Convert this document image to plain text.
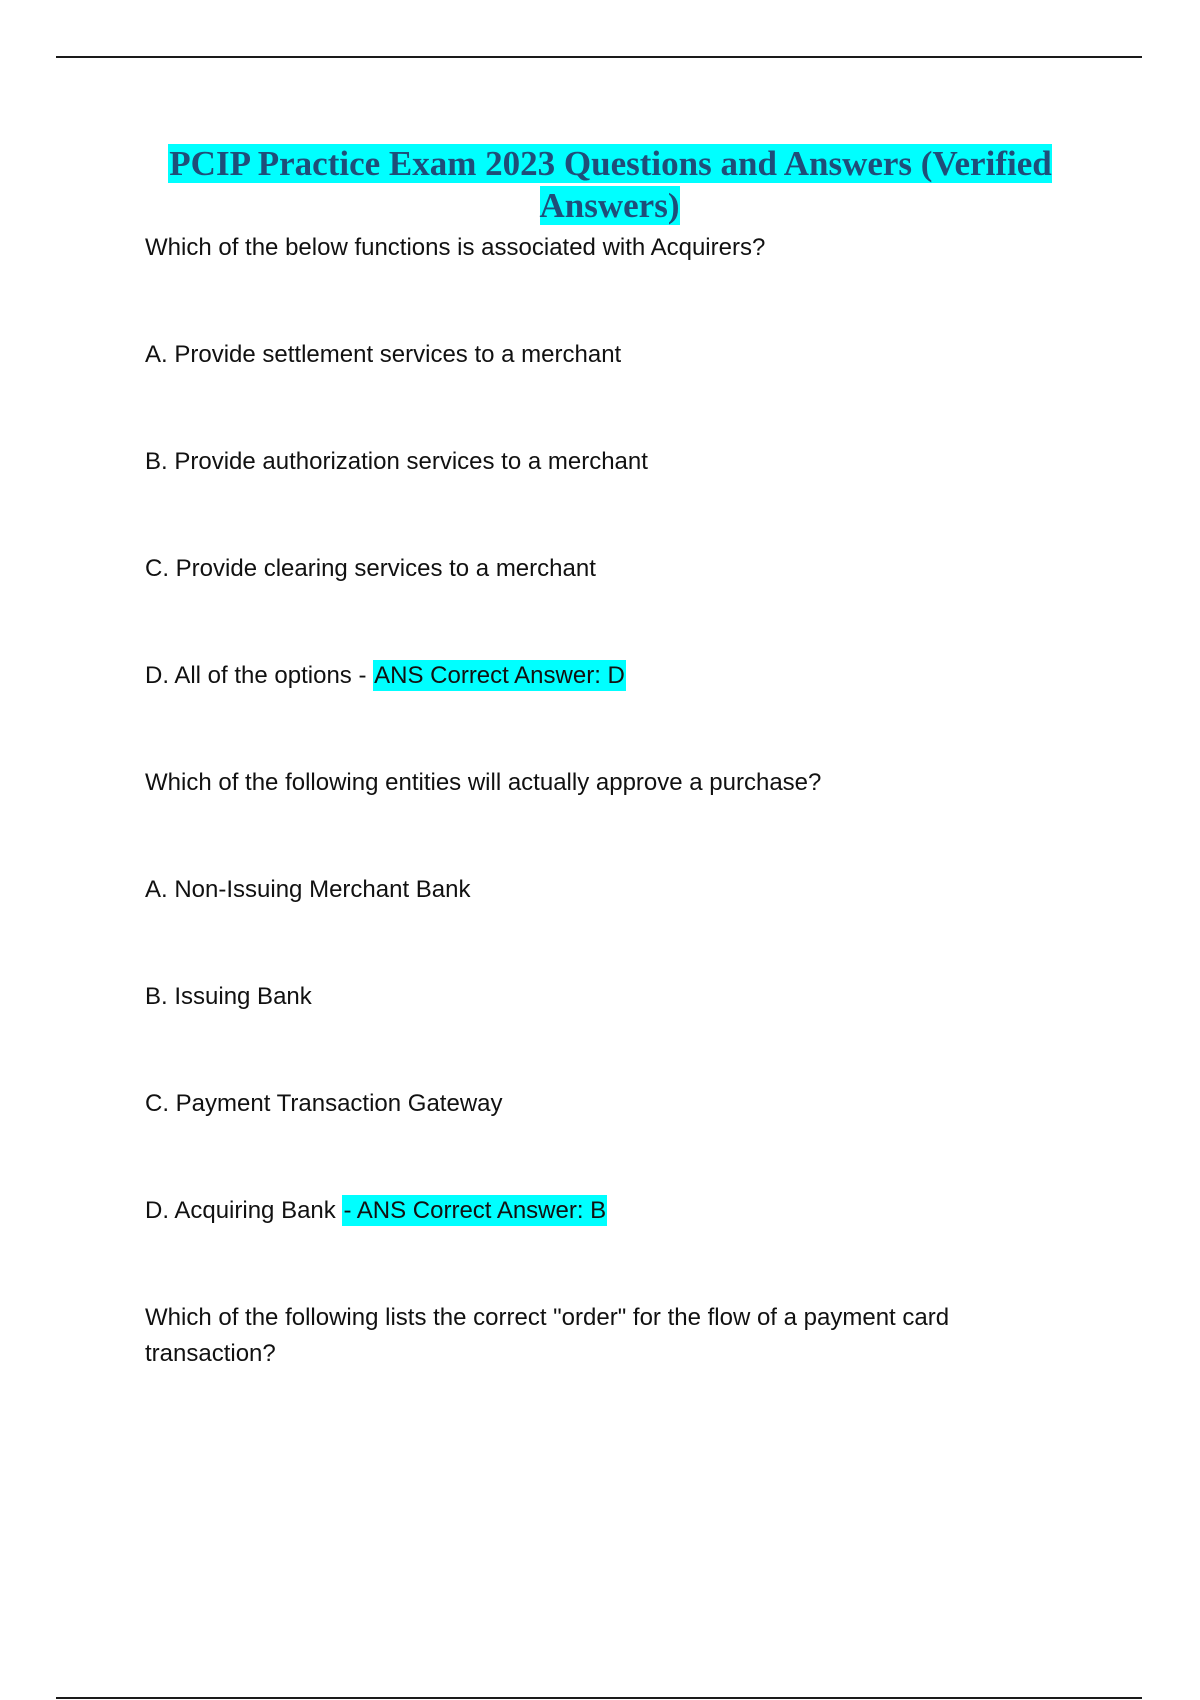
PCIP Practice Exam 2023 Questions and Answers (Verified Answers)
Which of the below functions is associated with Acquirers?
A. Provide settlement services to a merchant
B. Provide authorization services to a merchant
C. Provide clearing services to a merchant
D. All of the options - ANS Correct Answer: D
Which of the following entities will actually approve a purchase?
A. Non-Issuing Merchant Bank
B. Issuing Bank
C. Payment Transaction Gateway
D. Acquiring Bank - ANS Correct Answer: B
Which of the following lists the correct "order" for the flow of a payment card transaction?
